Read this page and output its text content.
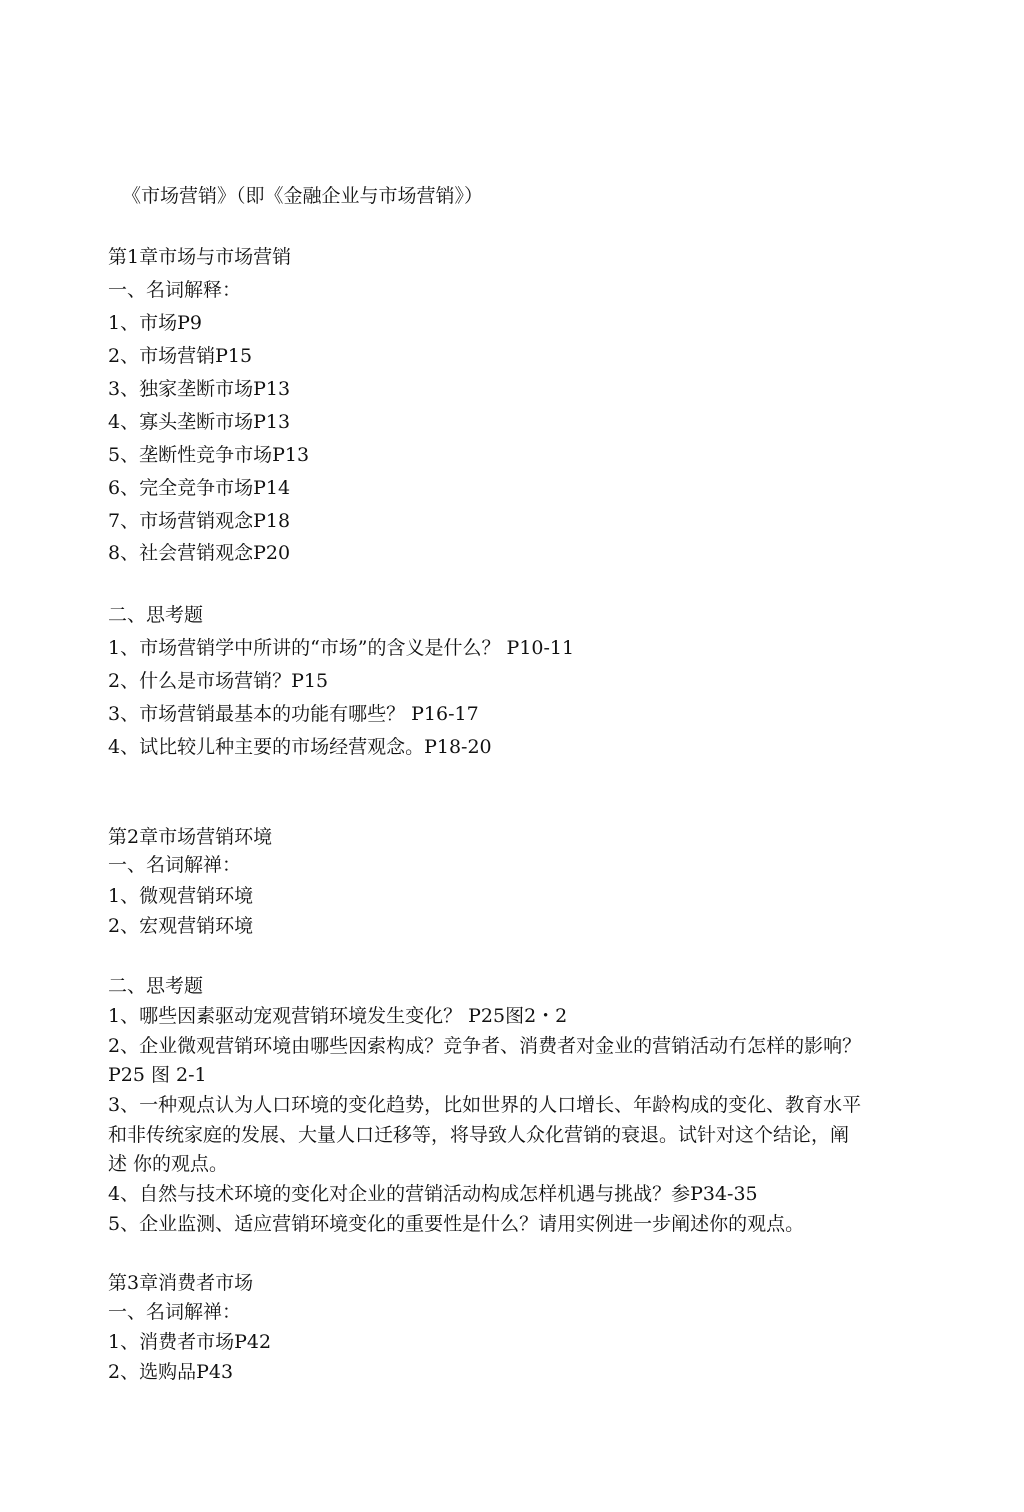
《市场营销》（即《金融企业与市场营销》）
第1章市场与市场营销
一、名词解释：
1、市场P9
2、市场营销P15
3、独家垄断市场P13
4、寡头垄断市场P13
5、垄断性竞争市场P13
6、完全竞争市场P14
7、市场营销观念P18
8、社会营销观念P20
二、思考题
1、市场营销学中所讲的“市场”的含义是什么？ P10-11
2、什么是市场营销？P15
3、市场营销最基本的功能有哪些？ P16-17
4、试比较儿种主要的市场经营观念。P18-20
第2章市场营销环境
一、名词解禅：
1、微观营销环境
2、宏观营销环境
二、思考题
1、哪些因素驱动宠观营销环境发生变化？ P25图2・2
2、企业微观营销环境由哪些因索构成？竞争者、消费者对金业的营销活动冇怎样的影响？
P25 图 2-1
3、一种观点认为人口环境的变化趋势，比如世界的人口增长、年龄构成的变化、教育水平
和非传统家庭的发展、大量人口迁移等，将导致人众化营销的衰退。试针对这个结论，阐
述 你的观点。
4、自然与技术环境的变化对企业的营销活动构成怎样机遇与挑战？参P34-35
5、企业监测、适应营销环境变化的重要性是什么？请用实例进一步阐述你的观点。
第3章消费者市场
一、名词解禅：
1、消费者市场P42
2、选购品P43
